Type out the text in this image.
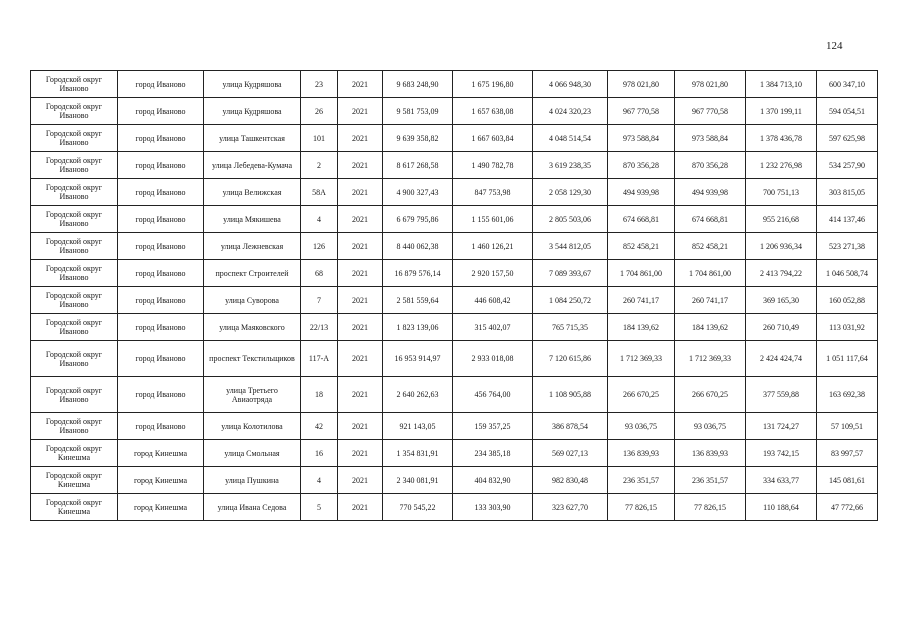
124
Городской округ Иваново	город Иваново	улица Кудряшова	23	2021	9 683 248,90	1 675 196,80	4 066 948,30	978 021,80	978 021,80	1 384 713,10	600 347,10
Городской округ Иваново	город Иваново	улица Кудряшова	26	2021	9 581 753,09	1 657 638,08	4 024 320,23	967 770,58	967 770,58	1 370 199,11	594 054,51
Городской округ Иваново	город Иваново	улица Ташкентская	101	2021	9 639 358,82	1 667 603,84	4 048 514,54	973 588,84	973 588,84	1 378 436,78	597 625,98
Городской округ Иваново	город Иваново	улица Лебедева-Кумача	2	2021	8 617 268,58	1 490 782,78	3 619 238,35	870 356,28	870 356,28	1 232 276,98	534 257,90
Городской округ Иваново	город Иваново	улица Велижская	58А	2021	4 900 327,43	847 753,98	2 058 129,30	494 939,98	494 939,98	700 751,13	303 815,05
Городской округ Иваново	город Иваново	улица Мякишева	4	2021	6 679 795,86	1 155 601,06	2 805 503,06	674 668,81	674 668,81	955 216,68	414 137,46
Городской округ Иваново	город Иваново	улица Лежневская	126	2021	8 440 062,38	1 460 126,21	3 544 812,05	852 458,21	852 458,21	1 206 936,34	523 271,38
Городской округ Иваново	город Иваново	проспект Строителей	68	2021	16 879 576,14	2 920 157,50	7 089 393,67	1 704 861,00	1 704 861,00	2 413 794,22	1 046 508,74
Городской округ Иваново	город Иваново	улица Суворова	7	2021	2 581 559,64	446 608,42	1 084 250,72	260 741,17	260 741,17	369 165,30	160 052,88
Городской округ Иваново	город Иваново	улица Маяковского	22/13	2021	1 823 139,06	315 402,07	765 715,35	184 139,62	184 139,62	260 710,49	113 031,92
Городской округ Иваново	город Иваново	проспект Текстильщиков	117-А	2021	16 953 914,97	2 933 018,08	7 120 615,86	1 712 369,33	1 712 369,33	2 424 424,74	1 051 117,64
Городской округ Иваново	город Иваново	улица Третьего Авиаотряда	18	2021	2 640 262,63	456 764,00	1 108 905,88	266 670,25	266 670,25	377 559,88	163 692,38
Городской округ Иваново	город Иваново	улица Колотилова	42	2021	921 143,05	159 357,25	386 878,54	93 036,75	93 036,75	131 724,27	57 109,51
Городской округ Кинешма	город Кинешма	улица Смольная	16	2021	1 354 831,91	234 385,18	569 027,13	136 839,93	136 839,93	193 742,15	83 997,57
Городской округ Кинешма	город Кинешма	улица Пушкина	4	2021	2 340 081,91	404 832,90	982 830,48	236 351,57	236 351,57	334 633,77	145 081,61
Городской округ Кинешма	город Кинешма	улица Ивана Седова	5	2021	770 545,22	133 303,90	323 627,70	77 826,15	77 826,15	110 188,64	47 772,66
